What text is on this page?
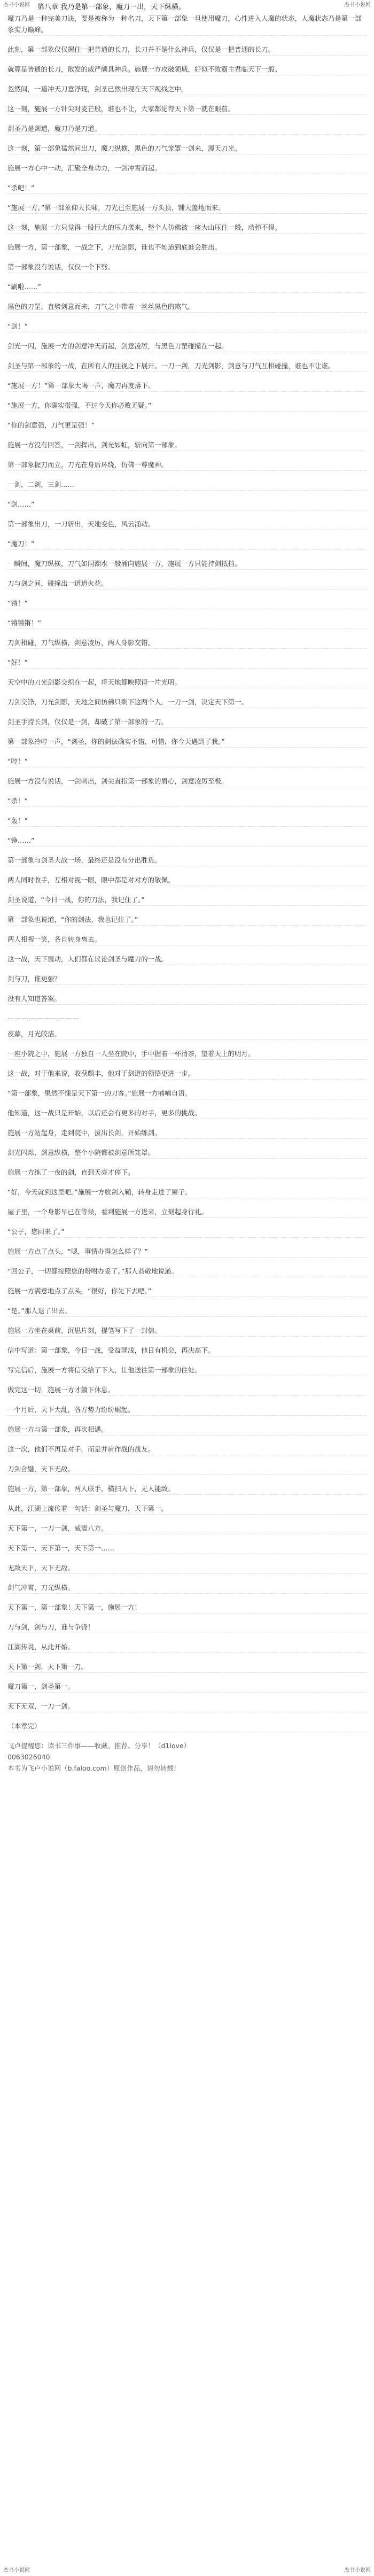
杰书小说网 第八章 我乃是第一部象，魔刀一出，天下纵横。	杰书小说网

魔刀乃是一种完美刀诀，要是被称为一种名刀，天下第一部象一旦使用魔刀，心性进入人魔的状态，人魔状态乃是第一部象实力巅峰。

此刻，第一部象仅仅握住一把普通的长刀，长刀并不是什么神兵，仅仅是一把普通的长刀。

就算是普通的长刀，散发的威严颇具神兵。施展一方攻破领域，好似不败霸主君临天下一般。

忽然间，一道冲天刀意浮现，剑圣已然出现在天下视线之中。

这一刻，施展一方针尖对麦芒般，谁也不让，大家都觉得天下第一就在眼前。

剑圣乃是剑道，魔刀乃是刀道。

这一刻，第一部象猛然间出刀，魔刀纵横，黑色的刀气笼罩一剑来，漫天刀光。

施展一方心中一动，汇聚全身功力，一剑冲霄而起。

“杀吧！”

“施展一方。”第一部象仰天长啸，刀光已至施展一方头顶，铺天盖地而来。

这一刻，施展一方只觉得一股巨大的压力袭来，整个人仿佛被一座大山压住一般，动弹不得。

施展一方，第一部象，一战之下，刀光剑影，谁也不知道到底谁会胜出。

第一部象没有说话，仅仅一个下劈。

“刷啦……”

黑色的刀罡，直劈剑意而来，刀气之中带着一丝丝黑色的煞气。

“剑！”

剑光一闪，施展一方的剑意冲天而起，剑意凌厉，与黑色刀罡碰撞在一起。

剑圣与第一部象的一战，在所有人的注视之下展开。一刀一剑，刀光剑影，剑意与刀气互相碰撞，谁也不让谁。

“施展一方！”第一部象大喝一声，魔刀再度落下。

“施展一方，你确实很强，不过今天你必败无疑。”

“你的剑意强，刀气更是强！”

施展一方没有回答，一剑挥出，剑光如虹，斩向第一部象。

第一部象握刀而立，刀光在身后环绕，仿佛一尊魔神。

一剑，二剑，三剑……

“剑……”

第一部象出刀，一刀斩出，天地变色，风云涌动。

“魔刀！”

一瞬间，魔刀纵横，刀气如同潮水一般涌向施展一方，施展一方只能持剑抵挡。

刀与剑之间，碰撞出一道道火花。

“锵！”

“锵锵锵！”

刀剑相碰，刀气纵横，剑意凌厉，两人身影交错。

“好！”

天空中的刀光剑影交织在一起，将天地都映照得一片光明。

刀剑交锋，刀光剑影，天地之间仿佛只剩下这两个人，一刀一剑，决定天下第一。

剑圣手持长剑，仅仅是一剑，却破了第一部象的一刀。

第一部象冷哼一声，“剑圣，你的剑法确实不错，可惜，你今天遇到了我。”

“哼！”

施展一方没有说话，一剑刺出，剑尖直指第一部象的眉心，剑意凌厉至极。

“杀！”

“轰！”

“铮……”

第一部象与剑圣大战一场，最终还是没有分出胜负。

两人同时收手，互相对视一眼，眼中都是对对方的敬佩。

剑圣说道，“今日一战，你的刀法，我记住了。”

第一部象也说道，“你的剑法，我也记住了。”

两人相视一笑，各自转身离去。

这一战，天下震动，人们都在议论剑圣与魔刀的一战。

剑与刀，谁更强？

没有人知道答案。

——————————

夜幕，月光皎洁。

一座小院之中，施展一方独自一人坐在院中，手中握着一杯清茶，望着天上的明月。

这一战，对于他来说，收获颇丰，他对于剑道的领悟更进一步。

“第一部象，果然不愧是天下第一的刀客。”施展一方喃喃自语。

他知道，这一战只是开始，以后还会有更多的对手，更多的挑战。

施展一方站起身，走到院中，拔出长剑，开始练剑。

剑光闪烁，剑意纵横，整个小院都被剑意所笼罩。

施展一方练了一夜的剑，直到天亮才停下。

“好，今天就到这里吧。”施展一方收剑入鞘，转身走进了屋子。

屋子里，一个身影早已在等候，看到施展一方进来，立刻起身行礼。

“公子，您回来了。”

施展一方点了点头，“嗯，事情办得怎么样了？”

“回公子，一切都按照您的吩咐办妥了。”那人恭敬地说道。

施展一方满意地点了点头，“很好，你先下去吧。”

“是。”那人退了出去。

施展一方坐在桌前，沉思片刻，提笔写下了一封信。

信中写道：第一部象，今日一战，受益匪浅，他日有机会，再决高下。

写完信后，施展一方将信交给了下人，让他送往第一部象的住处。

做完这一切，施展一方才躺下休息。

一个月后，天下大乱，各方势力纷纷崛起。

施展一方与第一部象，再次相遇。

这一次，他们不再是对手，而是并肩作战的战友。

刀剑合璧，天下无敌。

施展一方，第一部象，两人联手，横扫天下，无人能敌。

从此，江湖上流传着一句话：剑圣与魔刀，天下第一。

天下第一，一刀一剑，威震八方。

天下第一，天下第一，天下第一……

无敌天下，天下无敌。

剑气冲霄，刀光纵横。

天下第一，第一部象！天下第一，施展一方！

刀与剑，剑与刀，谁与争锋！

江湖传说，从此开始。

天下第一剑，天下第一刀。

魔刀第一，剑圣第一。

天下无双，一刀一剑。

（本章完）

飞卢提醒您：读书三件事——收藏、推荐、分享！（d1love）

0063026040

本书为飞卢小说网（b.faloo.com）原创作品，请勿转载！

杰书小说网	杰书小说网
